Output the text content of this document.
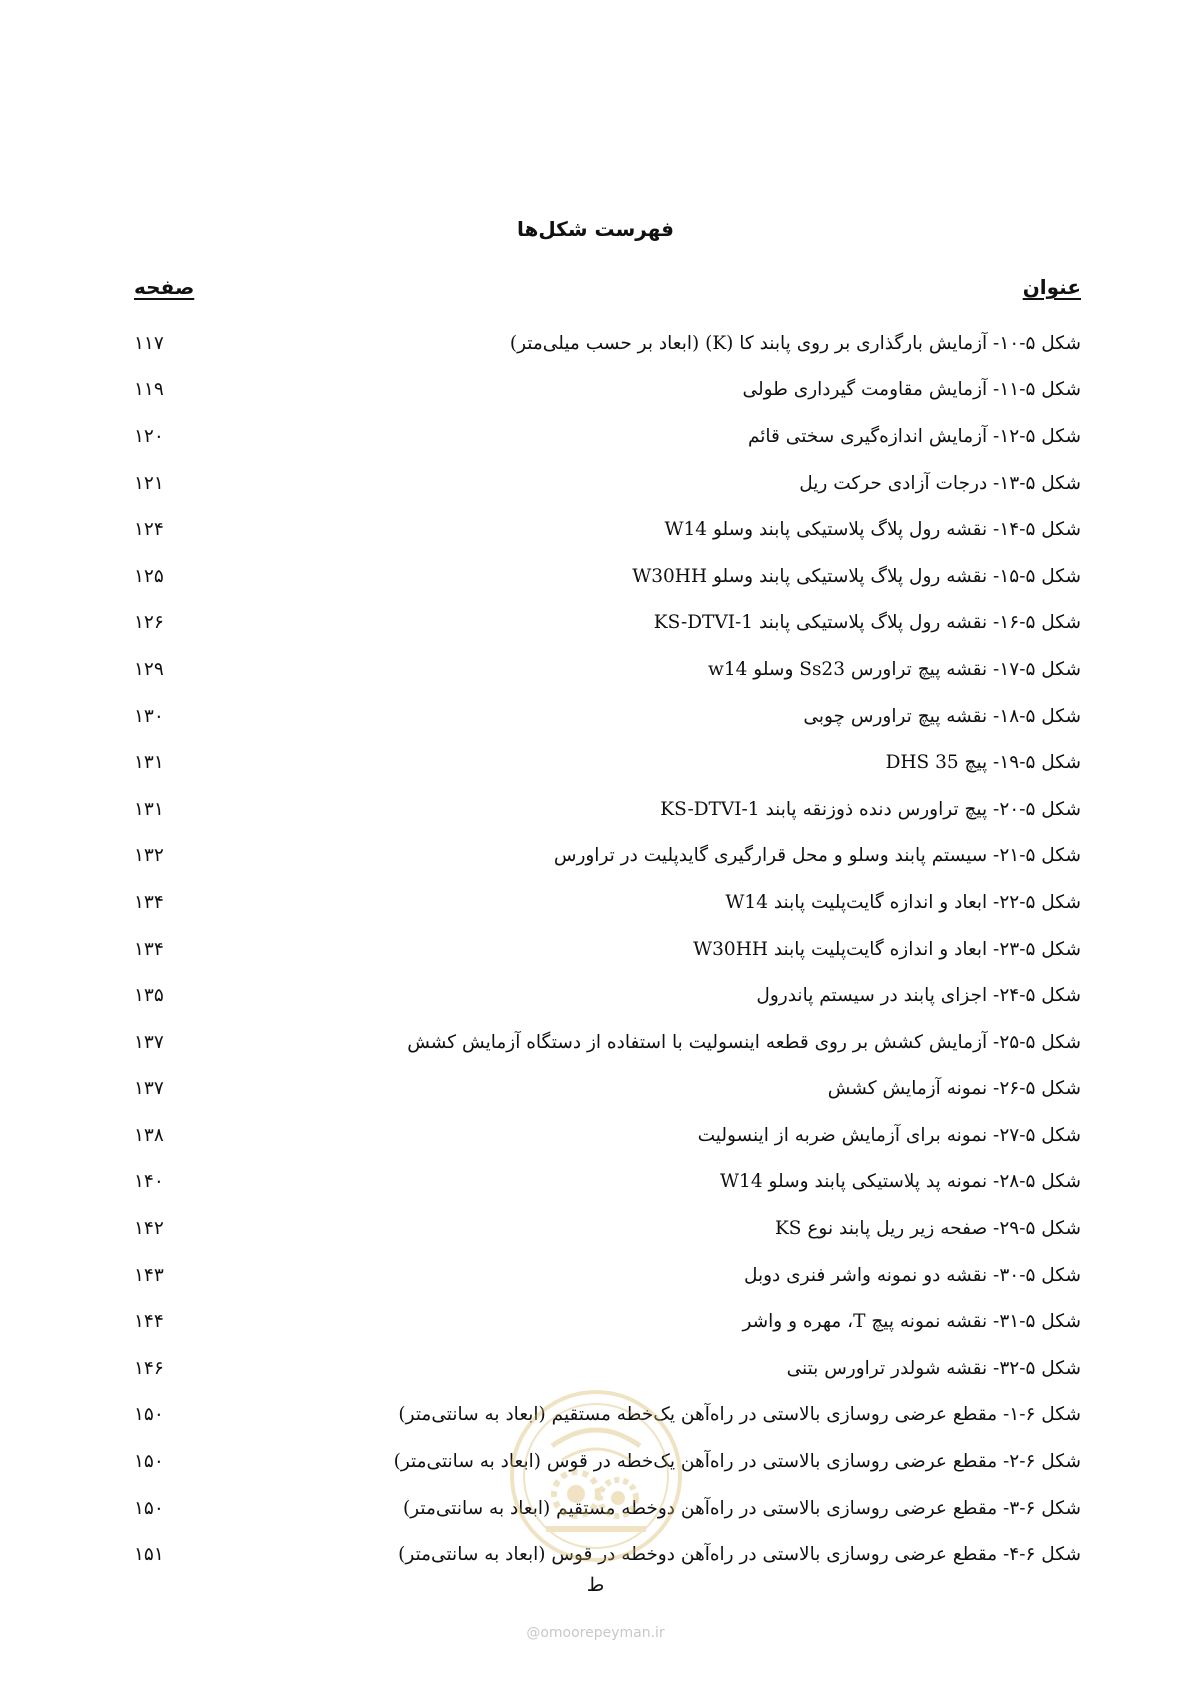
فهرست شکل‌ها
عنوان
صفحه
شکل ۵-۱۰- آزمایش بارگذاری بر روی پابند کا (K) (ابعاد بر حسب میلی‌متر)
۱۱۷
شکل ۵-۱۱- آزمایش مقاومت گیرداری طولی
۱۱۹
شکل ۵-۱۲- آزمایش اندازه‌گیری سختی قائم
۱۲۰
شکل ۵-۱۳- درجات آزادی حرکت ریل
۱۲۱
شکل ۵-۱۴- نقشه رول پلاگ پلاستیکی پابند وسلو W14
۱۲۴
شکل ۵-۱۵- نقشه رول پلاگ پلاستیکی پابند وسلو W30HH
۱۲۵
شکل ۵-۱۶- نقشه رول پلاگ پلاستیکی پابند KS-DTVI-1
۱۲۶
شکل ۵-۱۷- نقشه پیچ تراورس Ss23 وسلو w14
۱۲۹
شکل ۵-۱۸- نقشه پیچ تراورس چوبی
۱۳۰
شکل ۵-۱۹- پیچ DHS 35
۱۳۱
شکل ۵-۲۰- پیچ تراورس دنده ذوزنقه پابند KS-DTVI-1
۱۳۱
شکل ۵-۲۱- سیستم پابند وسلو و محل قرارگیری گایدپلیت در تراورس
۱۳۲
شکل ۵-۲۲- ابعاد و اندازه گایت‌پلیت پابند W14
۱۳۴
شکل ۵-۲۳- ابعاد و اندازه گایت‌پلیت پابند W30HH
۱۳۴
شکل ۵-۲۴- اجزای پابند در سیستم پاندرول
۱۳۵
شکل ۵-۲۵- آزمایش کشش بر روی قطعه اینسولیت با استفاده از دستگاه آزمایش کشش
۱۳۷
شکل ۵-۲۶- نمونه آزمایش کشش
۱۳۷
شکل ۵-۲۷- نمونه برای آزمایش ضربه از اینسولیت
۱۳۸
شکل ۵-۲۸- نمونه پد پلاستیکی پابند وسلو W14
۱۴۰
شکل ۵-۲۹- صفحه زیر ریل پابند نوع KS
۱۴۲
شکل ۵-۳۰- نقشه دو نمونه واشر فنری دوبل
۱۴۳
شکل ۵-۳۱- نقشه نمونه پیچ T، مهره و واشر
۱۴۴
شکل ۵-۳۲- نقشه شولدر تراورس بتنی
۱۴۶
شکل ۶-۱- مقطع عرضی روسازی بالاستی در راه‌آهن یک‌خطه مستقیم (ابعاد به سانتی‌متر)
۱۵۰
شکل ۶-۲- مقطع عرضی روسازی بالاستی در راه‌آهن یک‌خطه در قوس (ابعاد به سانتی‌متر)
۱۵۰
شکل ۶-۳- مقطع عرضی روسازی بالاستی در راه‌آهن دوخطه مستقیم (ابعاد به سانتی‌متر)
۱۵۰
شکل ۶-۴- مقطع عرضی روسازی بالاستی در راه‌آهن دوخطه در قوس (ابعاد به سانتی‌متر)
۱۵۱
ط
@omoorepeyman.ir
